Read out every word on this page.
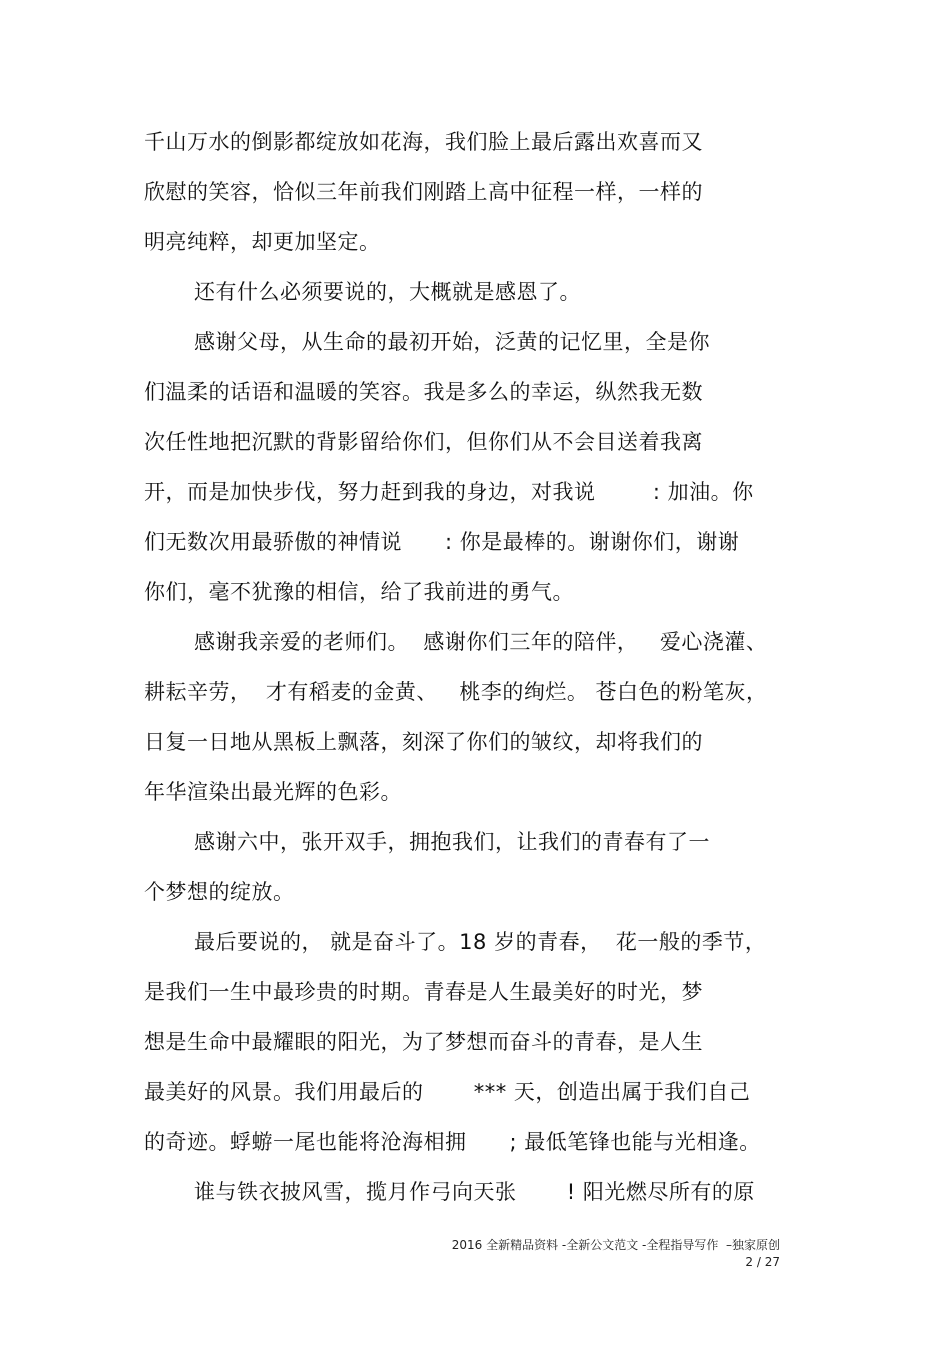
千山万水的倒影都绽放如花海，我们脸上最后露出欢喜而又
欣慰的笑容，恰似三年前我们刚踏上高中征程一样，一样的
明亮纯粹，却更加坚定。
还有什么必须要说的，大概就是感恩了。
感谢父母，从生命的最初开始，泛黄的记忆里，全是你
们温柔的话语和温暖的笑容。我是多么的幸运，纵然我无数
次任性地把沉默的背影留给你们，但你们从不会目送着我离
开，而是加快步伐，努力赶到我的身边，对我说        : 加油。你
们无数次用最骄傲的神情说      : 你是最棒的。谢谢你们，谢谢
你们，毫不犹豫的相信，给了我前进的勇气。
感谢我亲爱的老师们。  感谢你们三年的陪伴，   爱心浇灌、
耕耘辛劳，  才有稻麦的金黄、   桃李的绚烂。 苍白色的粉笔灰，
日复一日地从黑板上飘落，刻深了你们的皱纹，却将我们的
年华渲染出最光辉的色彩。
感谢六中，张开双手，拥抱我们，让我们的青春有了一
个梦想的绽放。
最后要说的， 就是奋斗了。18 岁的青春，  花一般的季节，
是我们一生中最珍贵的时期。青春是人生最美好的时光，梦
想是生命中最耀眼的阳光，为了梦想而奋斗的青春，是人生
最美好的风景。我们用最后的       *** 天，创造出属于我们自己
的奇迹。蜉蝣一尾也能将沧海相拥      ; 最低笔锋也能与光相逢。
谁与铁衣披风雪，揽月作弓向天张       ! 阳光燃尽所有的原
2016 全新精品资料 -全新公文范文 -全程指导写作  –独家原创
2 / 27
